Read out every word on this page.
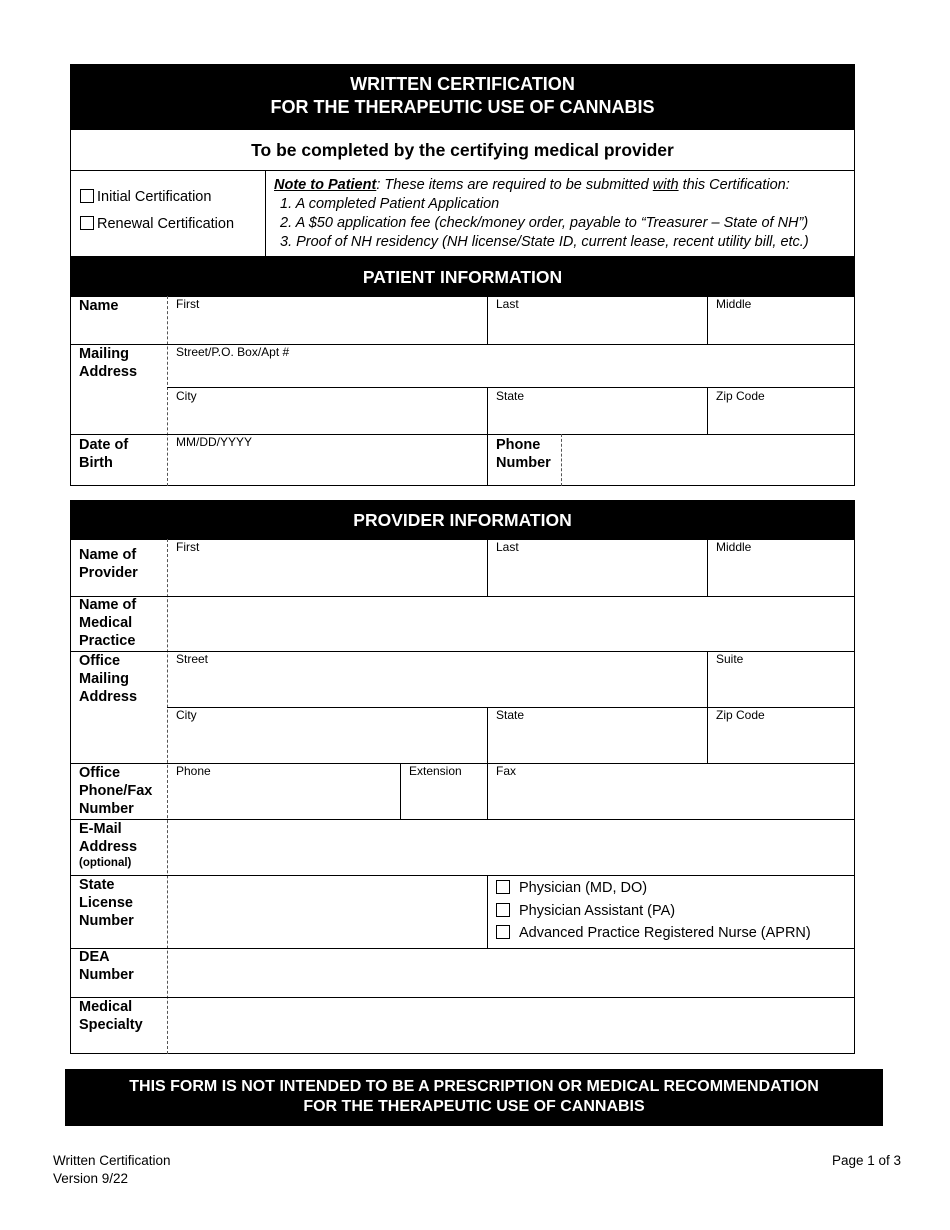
WRITTEN CERTIFICATION
FOR THE THERAPEUTIC USE OF CANNABIS
To be completed by the certifying medical provider
Initial Certification
Renewal Certification
Note to Patient: These items are required to be submitted with this Certification:
1. A completed Patient Application
2. A $50 application fee (check/money order, payable to “Treasurer – State of NH”)
3. Proof of NH residency (NH license/State ID, current lease, recent utility bill, etc.)
PATIENT INFORMATION
Name	First	Last	Middle
Mailing
Address
Street/P.O. Box/Apt #
City	State	Zip Code
Date of
Birth
MM/DD/YYYY	Phone
Number
PROVIDER INFORMATION
Name of
Provider
First	Last	Middle
Name of
Medical
Practice
Office
Mailing
Address
Street	Suite
City	State	Zip Code
Office
Phone/Fax
Number
Phone	Extension	Fax
E-Mail
Address
(optional)
State
License
Number
Physician (MD, DO)
Physician Assistant (PA)
Advanced Practice Registered Nurse (APRN)
DEA
Number
Medical
Specialty
THIS FORM IS NOT INTENDED TO BE A PRESCRIPTION OR MEDICAL RECOMMENDATION
FOR THE THERAPEUTIC USE OF CANNABIS
Written Certification
Version 9/22
Page 1 of 3
